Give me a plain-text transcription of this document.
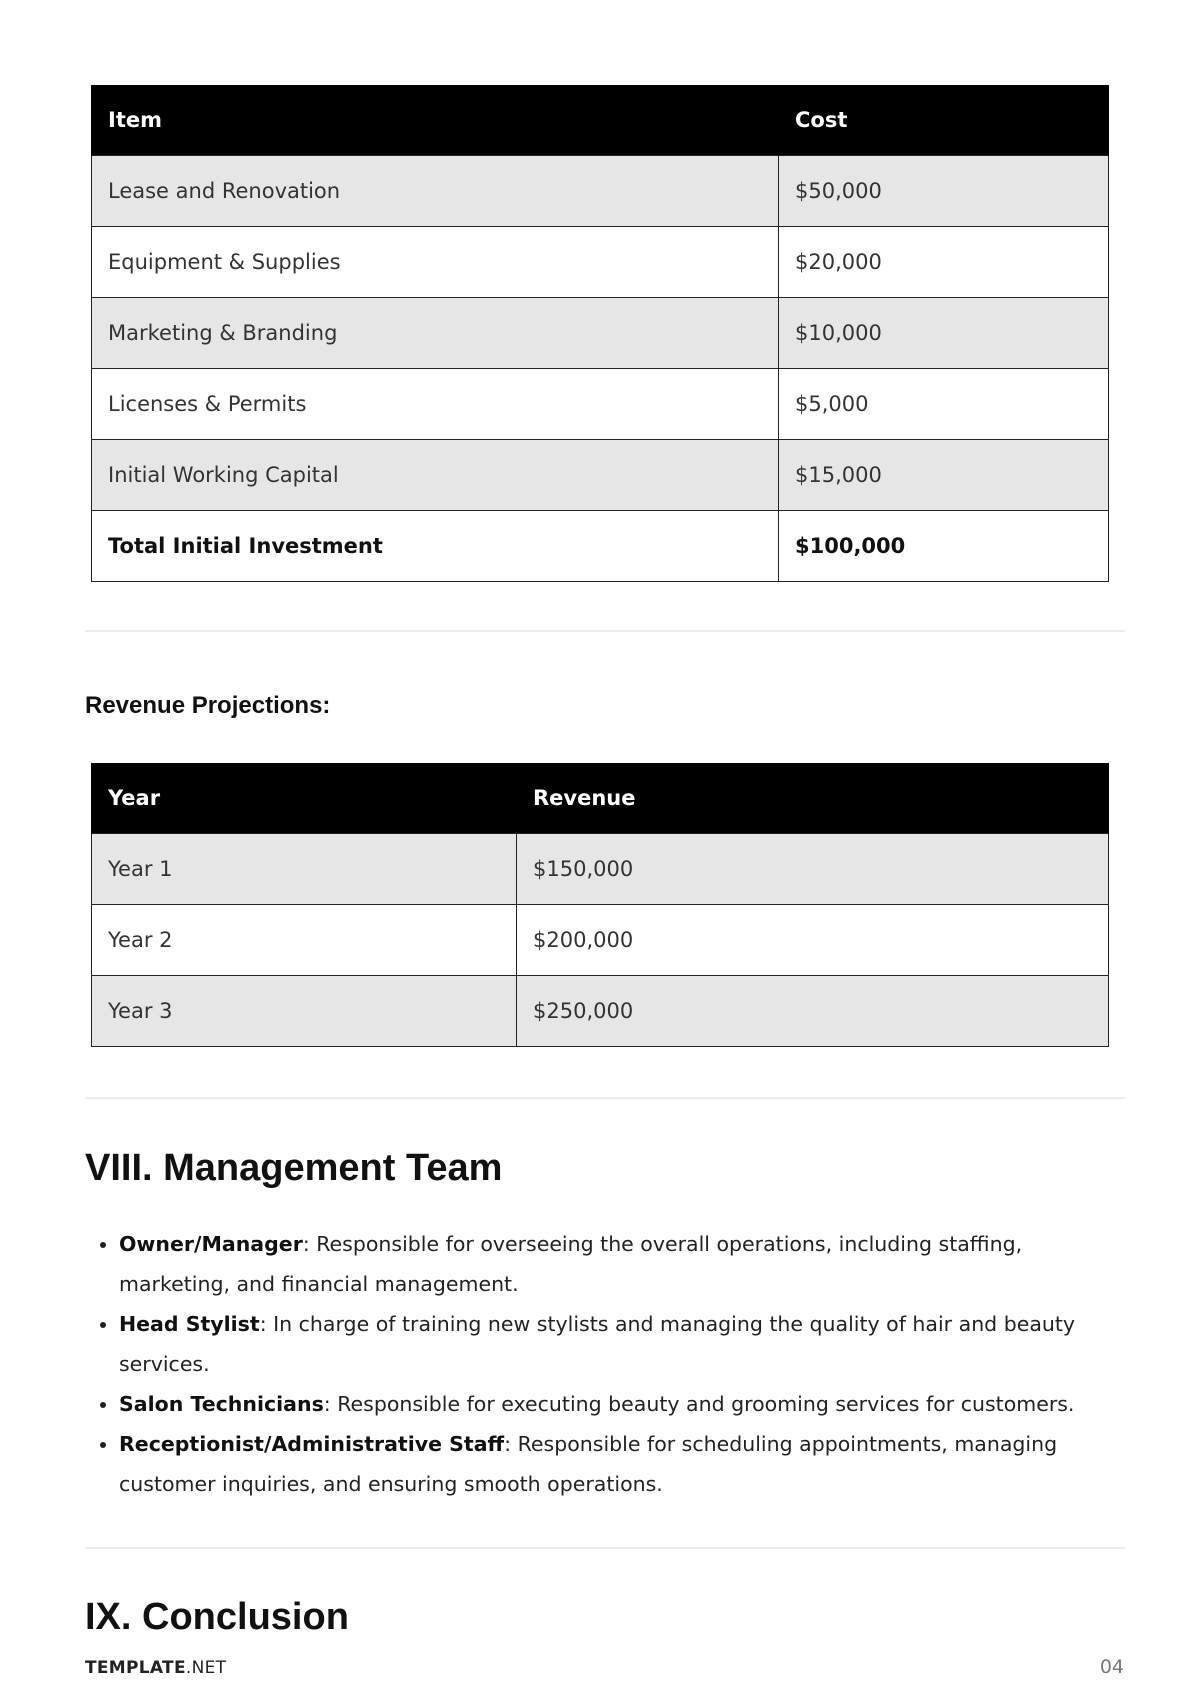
Item	Cost
Lease and Renovation	$50,000
Equipment & Supplies	$20,000
Marketing & Branding	$10,000
Licenses & Permits	$5,000
Initial Working Capital	$15,000
Total Initial Investment	$100,000
Revenue Projections:
Year	Revenue
Year 1	$150,000
Year 2	$200,000
Year 3	$250,000
VIII. Management Team
• Owner/Manager: Responsible for overseeing the overall operations, including staffing, marketing, and financial management.
• Head Stylist: In charge of training new stylists and managing the quality of hair and beauty services.
• Salon Technicians: Responsible for executing beauty and grooming services for customers.
• Receptionist/Administrative Staff: Responsible for scheduling appointments, managing customer inquiries, and ensuring smooth operations.
IX. Conclusion
TEMPLATE.NET	04
